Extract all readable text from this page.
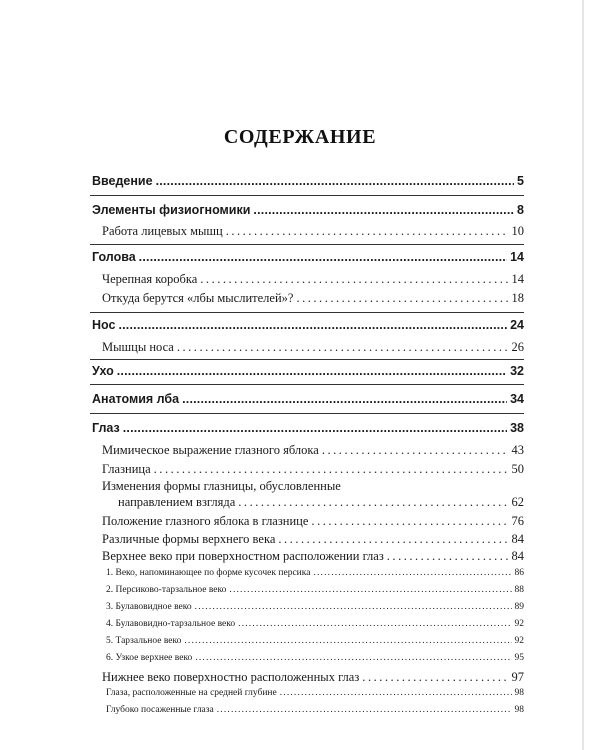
СОДЕРЖАНИЕ
Введение .....	5
Элементы физиогномики .....	8
Работа лицевых мышц . . .	10
Голова .....	14
Черепная коробка . . .	14
Откуда берутся «лбы мыслителей»? . . .	18
Нос .....	24
Мышцы носа . . .	26
Ухо .....	32
Анатомия лба .....	34
Глаз .....	38
Мимическое выражение глазного яблока . . .	43
Глазница . . .	50
Изменения формы глазницы, обусловленные
направлением взгляда . . .	62
Положение глазного яблока в глазнице . . .	76
Различные формы верхнего века . . .	84
Верхнее веко при поверхностном расположении глаз . . .	84
1. Веко, напоминающее по форме кусочек персика . . .	86
2. Персиково-тарзальное веко . . .	88
3. Булавовидное веко . . .	89
4. Булавовидно-тарзальное веко . . .	92
5. Тарзальное веко . . .	92
6. Узкое верхнее веко . . .	95
Нижнее веко поверхностно расположенных глаз . . .	97
Глаза, расположенные на средней глубине . . .	98
Глубоко посаженные глаза . . .	98
